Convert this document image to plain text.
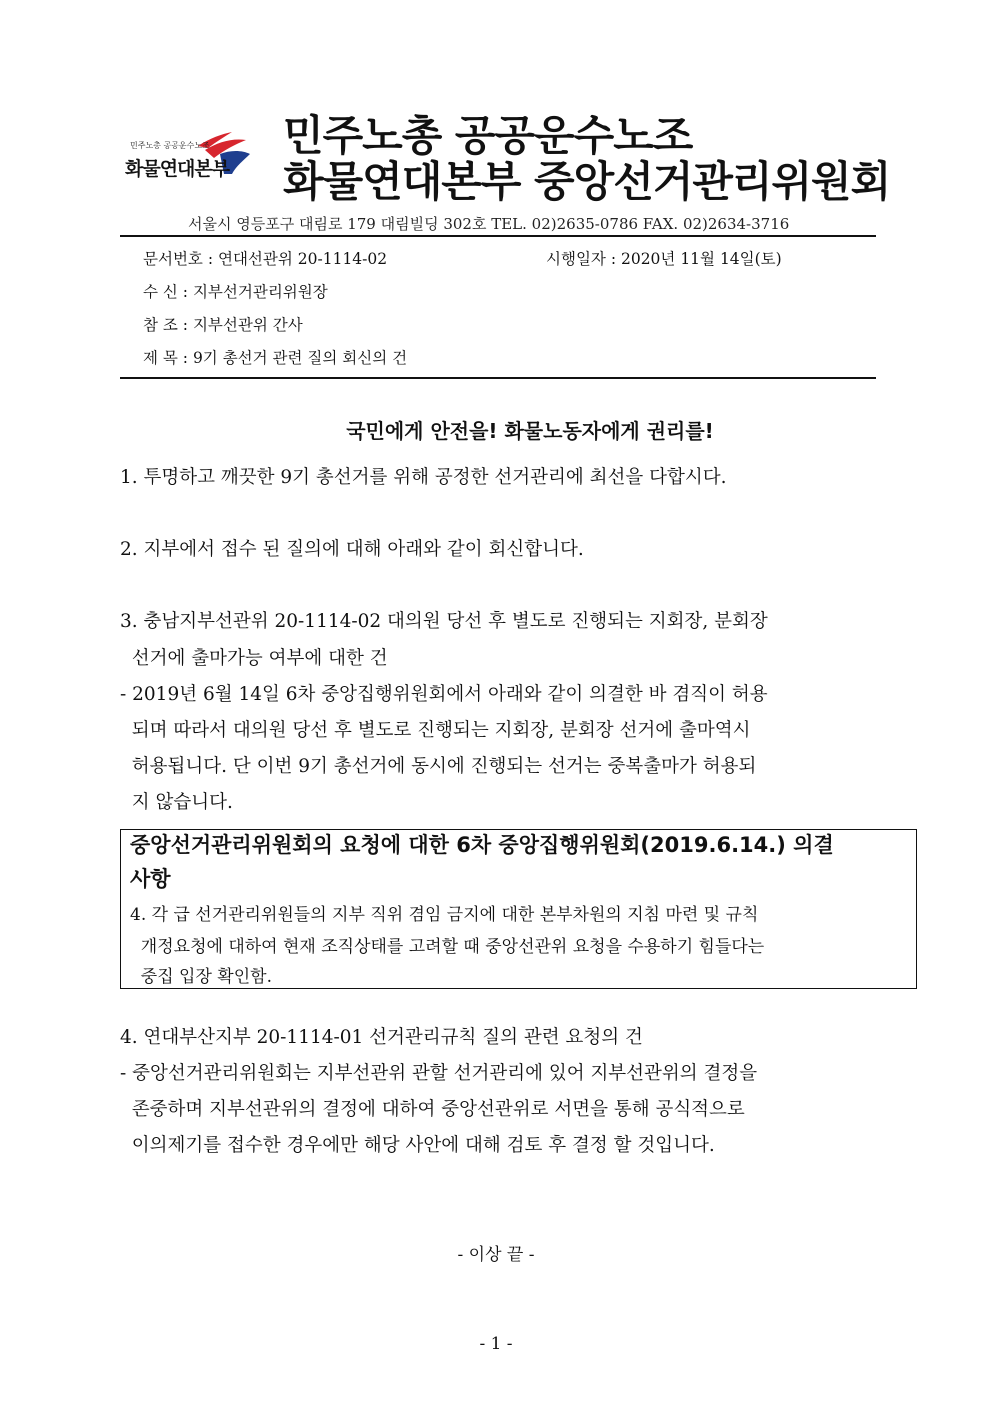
민주노총 공공운수노조
화물연대본부
민주노총 공공운수노조
화물연대본부 중앙선거관리위원회
서울시 영등포구 대림로 179 대림빌딩 302호 TEL. 02)2635-0786 FAX. 02)2634-3716
문서번호 : 연대선관위 20-1114-02	시행일자 : 2020년 11월 14일(토)
수 신 : 지부선거관리위원장
참 조 : 지부선관위 간사
제 목 : 9기 총선거 관련 질의 회신의 건
국민에게 안전을! 화물노동자에게 권리를!
1. 투명하고 깨끗한 9기 총선거를 위해 공정한 선거관리에 최선을 다합시다.
2. 지부에서 접수 된 질의에 대해 아래와 같이 회신합니다.
3. 충남지부선관위 20-1114-02 대의원 당선 후 별도로 진행되는 지회장, 분회장
선거에 출마가능 여부에 대한 건
- 2019년 6월 14일 6차 중앙집행위원회에서 아래와 같이 의결한 바 겸직이 허용
되며 따라서 대의원 당선 후 별도로 진행되는 지회장, 분회장 선거에 출마역시
허용됩니다. 단 이번 9기 총선거에 동시에 진행되는 선거는 중복출마가 허용되
지 않습니다.
중앙선거관리위원회의 요청에 대한 6차 중앙집행위원회(2019.6.14.) 의결
사항
4. 각 급 선거관리위원들의 지부 직위 겸임 금지에 대한 본부차원의 지침 마련 및 규칙
개정요청에 대하여 현재 조직상태를 고려할 때 중앙선관위 요청을 수용하기 힘들다는
중집 입장 확인함.
4. 연대부산지부 20-1114-01 선거관리규칙 질의 관련 요청의 건
- 중앙선거관리위원회는 지부선관위 관할 선거관리에 있어 지부선관위의 결정을
존중하며 지부선관위의 결정에 대하여 중앙선관위로 서면을 통해 공식적으로
이의제기를 접수한 경우에만 해당 사안에 대해 검토 후 결정 할 것입니다.
- 이상 끝 -
- 1 -
